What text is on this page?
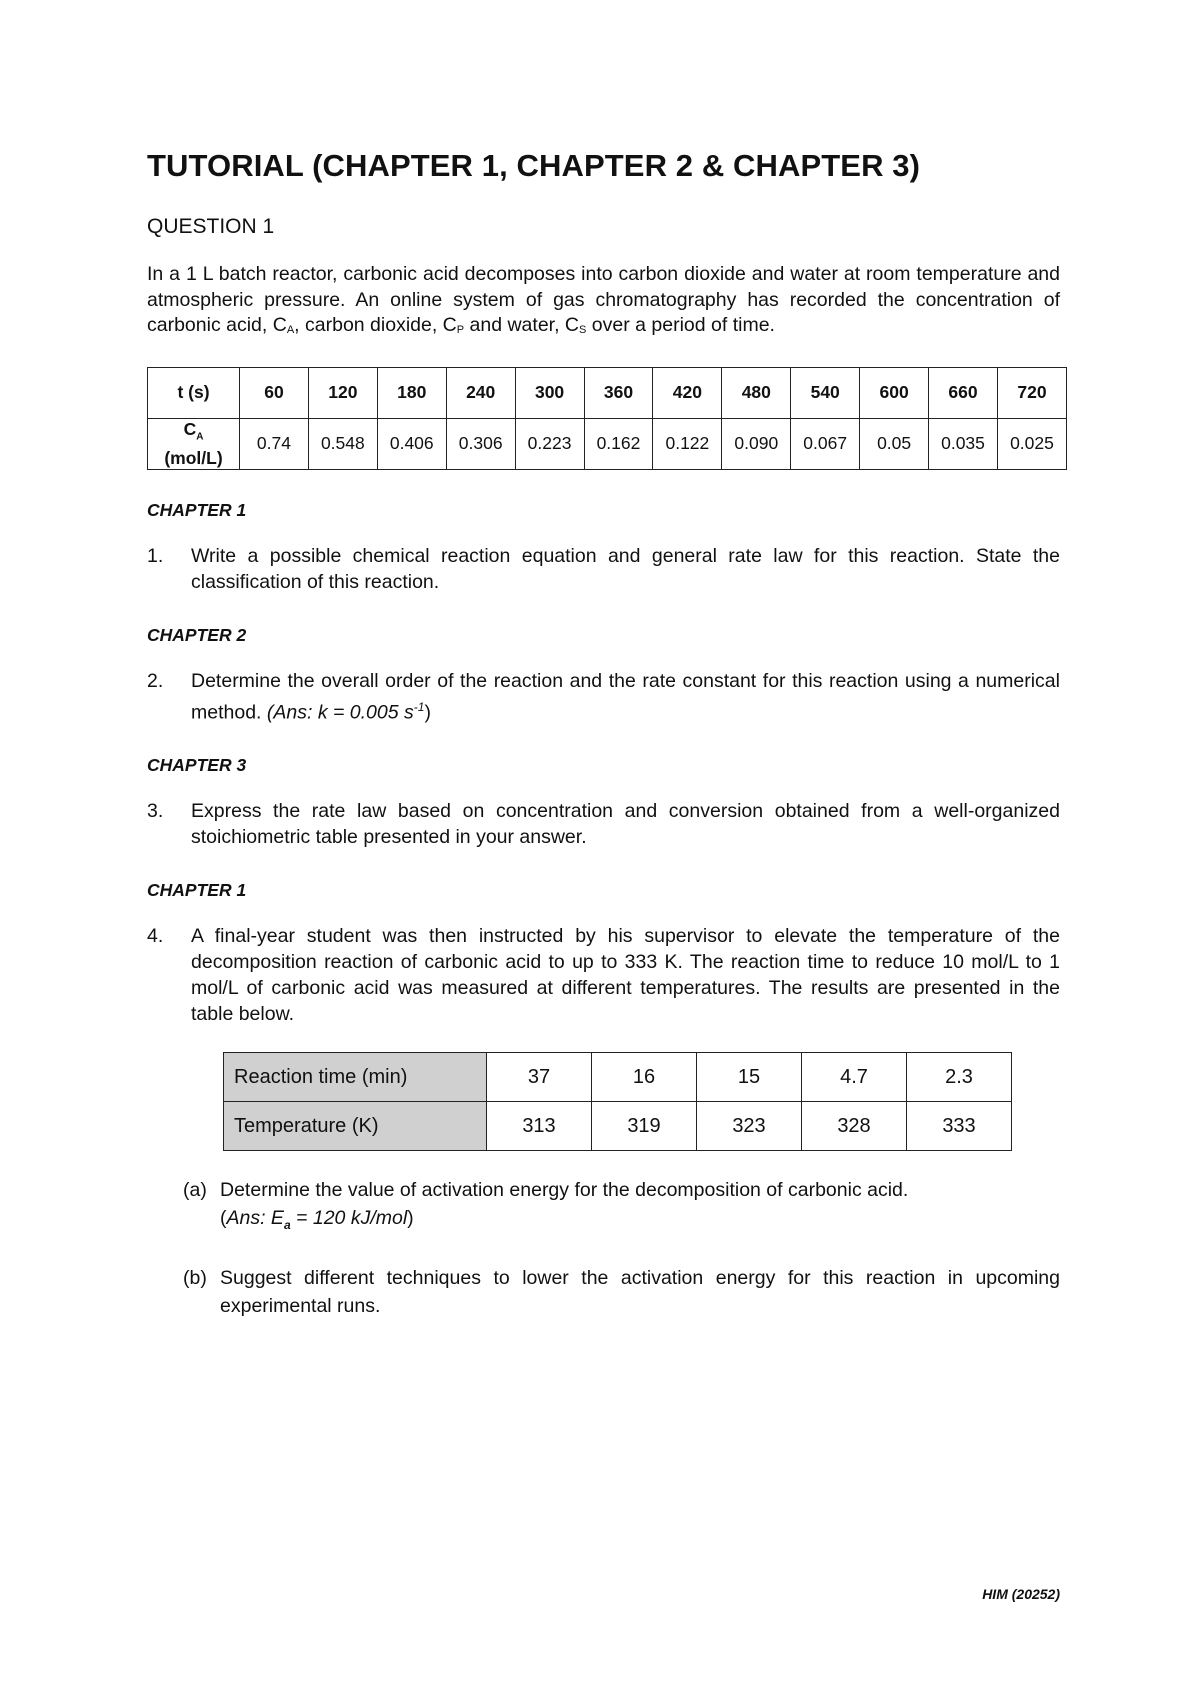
TUTORIAL (CHAPTER 1, CHAPTER 2 & CHAPTER 3)
QUESTION 1

In a 1 L batch reactor, carbonic acid decomposes into carbon dioxide and water at room temperature and atmospheric pressure. An online system of gas chromatography has recorded the concentration of carbonic acid, $C_A$, carbon dioxide, $C_P$ and water, $C_S$ over a period of time.

t (s)	60	120	180	240	300	360	420	480	540	600	660	720
$C_A$
(mol/L)	0.74	0.548	0.406	0.306	0.223	0.162	0.122	0.090	0.067	0.05	0.035	0.025

CHAPTER 1

1.	Write a possible chemical reaction equation and general rate law for this reaction. State the classification of this reaction.

CHAPTER 2

2.	Determine the overall order of the reaction and the rate constant for this reaction using a numerical method. (Ans: k = 0.005 $s^{-1}$)

CHAPTER 3

3.	Express the rate law based on concentration and conversion obtained from a well-organized stoichiometric table presented in your answer.

CHAPTER 1

4.	A final-year student was then instructed by his supervisor to elevate the temperature of the decomposition reaction of carbonic acid to up to 333 K. The reaction time to reduce 10 mol/L to 1 mol/L of carbonic acid was measured at different temperatures. The results are presented in the table below.
Reaction time (min)	37	16	15	4.7	2.3
Temperature (K)	313	319	323	328	333
(a) Determine the value of activation energy for the decomposition of carbonic acid.
(Ans: $E_a = 120$ kJ/mol)
(b) Suggest different techniques to lower the activation energy for this reaction in upcoming experimental runs.
HIM (20252)
